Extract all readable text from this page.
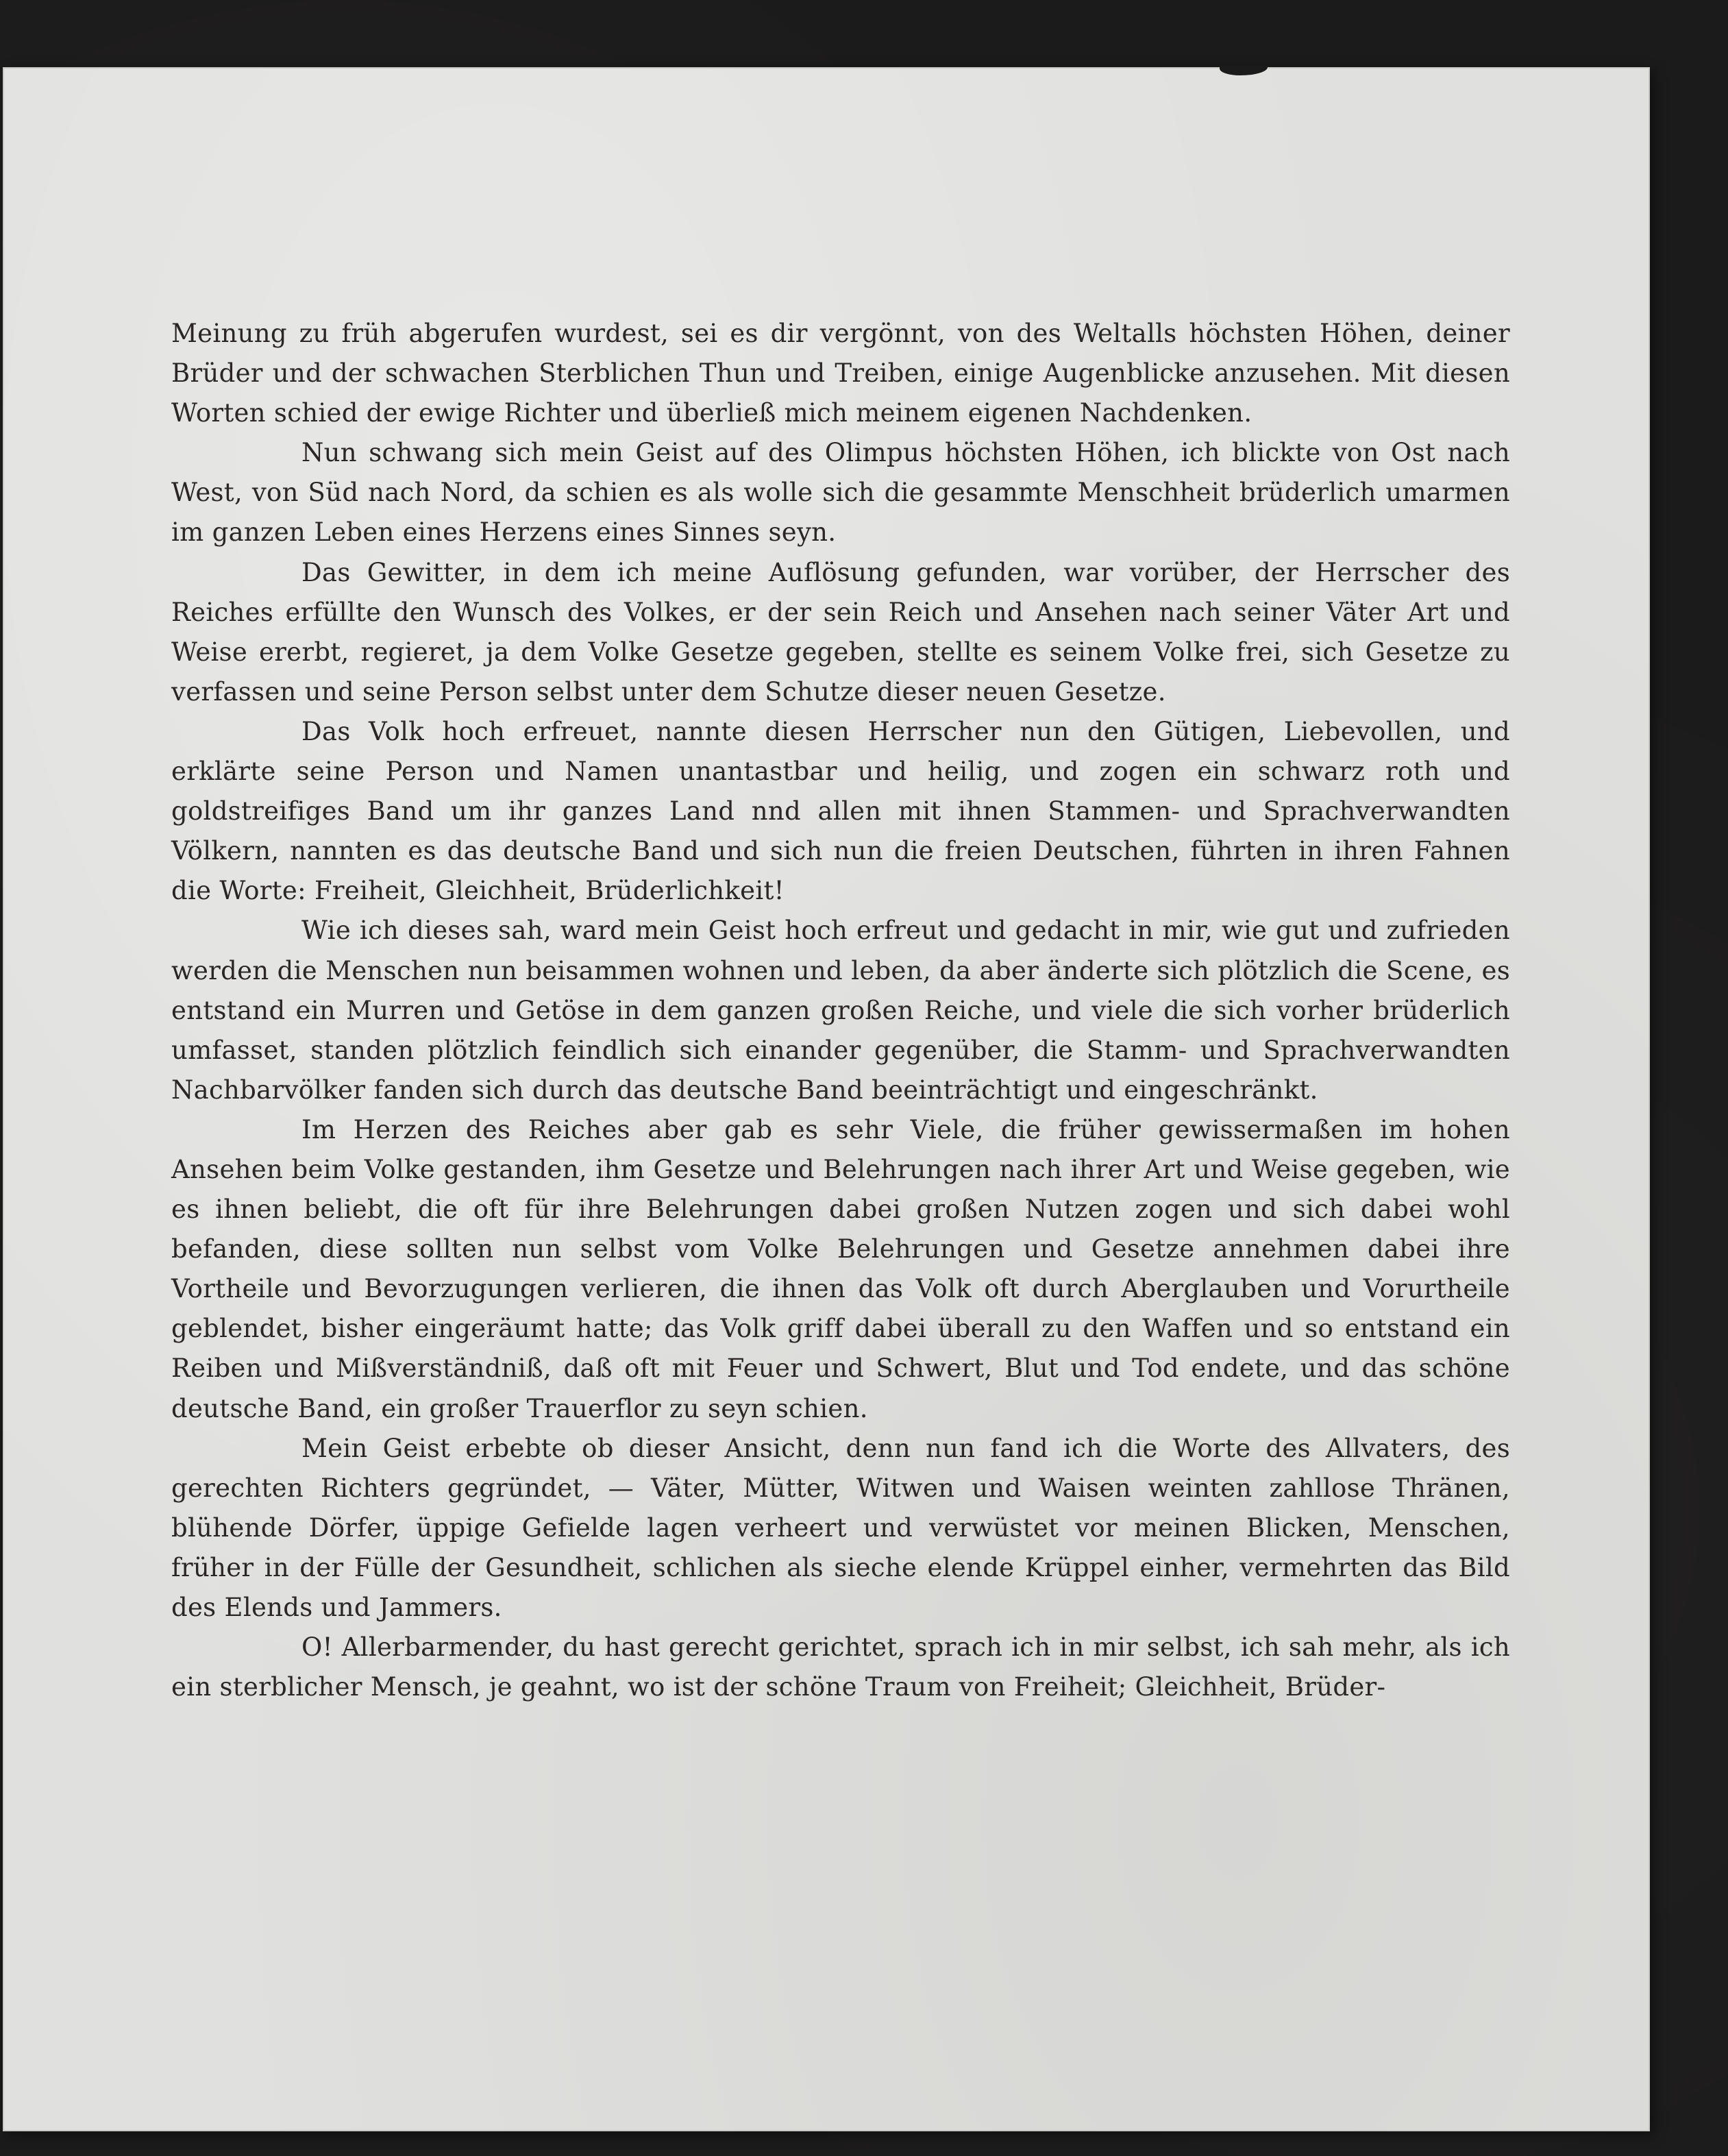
Meinung zu früh abgerufen wurdest, sei es dir vergönnt, von des Weltalls höchsten Höhen, deiner Brüder und der schwachen Sterblichen Thun und Treiben, einige Augenblicke anzusehen. Mit diesen Worten schied der ewige Richter und überließ mich meinem eigenen Nachdenken.

Nun schwang sich mein Geist auf des Olimpus höchsten Höhen, ich blickte von Ost nach West, von Süd nach Nord, da schien es als wolle sich die gesammte Menschheit brüderlich umarmen im ganzen Leben eines Herzens eines Sinnes seyn.

Das Gewitter, in dem ich meine Auflösung gefunden, war vorüber, der Herrscher des Reiches erfüllte den Wunsch des Volkes, er der sein Reich und Ansehen nach seiner Väter Art und Weise ererbt, regieret, ja dem Volke Gesetze gegeben, stellte es seinem Volke frei, sich Gesetze zu verfassen und seine Person selbst unter dem Schutze dieser neuen Gesetze.

Das Volk hoch erfreuet, nannte diesen Herrscher nun den Gütigen, Liebevollen, und erklärte seine Person und Namen unantastbar und heilig, und zogen ein schwarz roth und goldstreifiges Band um ihr ganzes Land nnd allen mit ihnen Stammen- und Sprachverwandten Völkern, nannten es das deutsche Band und sich nun die freien Deutschen, führten in ihren Fahnen die Worte: Freiheit, Gleichheit, Brüderlichkeit!

Wie ich dieses sah, ward mein Geist hoch erfreut und gedacht in mir, wie gut und zufrieden werden die Menschen nun beisammen wohnen und leben, da aber änderte sich plötzlich die Scene, es entstand ein Murren und Getöse in dem ganzen großen Reiche, und viele die sich vorher brüderlich umfasset, standen plötzlich feindlich sich einander gegenüber, die Stamm- und Sprachverwandten Nachbarvölker fanden sich durch das deutsche Band beeinträchtigt und eingeschränkt.

Im Herzen des Reiches aber gab es sehr Viele, die früher gewissermaßen im hohen Ansehen beim Volke gestanden, ihm Gesetze und Belehrungen nach ihrer Art und Weise gegeben, wie es ihnen beliebt, die oft für ihre Belehrungen dabei großen Nutzen zogen und sich dabei wohl befanden, diese sollten nun selbst vom Volke Belehrungen und Gesetze annehmen dabei ihre Vortheile und Bevorzugungen verlieren, die ihnen das Volk oft durch Aberglauben und Vorurtheile geblendet, bisher eingeräumt hatte; das Volk griff dabei überall zu den Waffen und so entstand ein Reiben und Mißverständniß, daß oft mit Feuer und Schwert, Blut und Tod endete, und das schöne deutsche Band, ein großer Trauerflor zu seyn schien.

Mein Geist erbebte ob dieser Ansicht, denn nun fand ich die Worte des Allvaters, des gerechten Richters gegründet, — Väter, Mütter, Witwen und Waisen weinten zahllose Thränen, blühende Dörfer, üppige Gefielde lagen verheert und verwüstet vor meinen Blicken, Menschen, früher in der Fülle der Gesundheit, schlichen als sieche elende Krüppel einher, vermehrten das Bild des Elends und Jammers.

O! Allerbarmender, du hast gerecht gerichtet, sprach ich in mir selbst, ich sah mehr, als ich ein sterblicher Mensch, je geahnt, wo ist der schöne Traum von Freiheit; Gleichheit, Brüder-
